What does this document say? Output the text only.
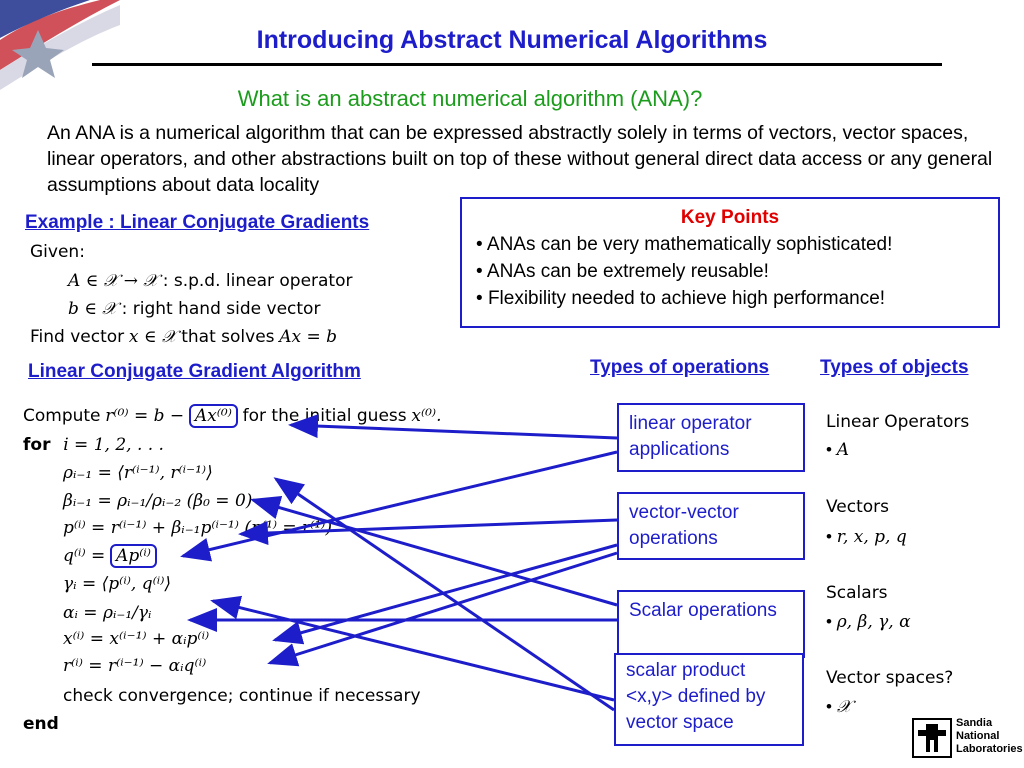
Introducing Abstract Numerical Algorithms
What is an abstract numerical algorithm (ANA)?
An ANA is a numerical algorithm that can be expressed abstractly solely in terms of vectors, vector spaces, linear operators, and other abstractions built on top of these without general direct data access or any general assumptions about data locality
Example : Linear Conjugate Gradients
Given:
A ∈ 𝒳 → 𝒳 : s.p.d. linear operator
b ∈ 𝒳 : right hand side vector
Find vector x ∈ 𝒳 that solves Ax = b
Linear Conjugate Gradient Algorithm
Compute r⁽⁰⁾ = b − Ax⁽⁰⁾ for the initial guess x⁽⁰⁾.
for i = 1, 2, . . .
ρᵢ₋₁ = ⟨r⁽ⁱ⁻¹⁾, r⁽ⁱ⁻¹⁾⟩
βᵢ₋₁ = ρᵢ₋₁/ρᵢ₋₂ (β₀ = 0)
p⁽ⁱ⁾ = r⁽ⁱ⁻¹⁾ + βᵢ₋₁p⁽ⁱ⁻¹⁾ (p⁽¹⁾ = r⁽¹⁾)
q⁽ⁱ⁾ = Ap⁽ⁱ⁾
γᵢ = ⟨p⁽ⁱ⁾, q⁽ⁱ⁾⟩
αᵢ = ρᵢ₋₁/γᵢ
x⁽ⁱ⁾ = x⁽ⁱ⁻¹⁾ + αᵢp⁽ⁱ⁾
r⁽ⁱ⁾ = r⁽ⁱ⁻¹⁾ − αᵢq⁽ⁱ⁾
check convergence; continue if necessary
end
Key Points
• ANAs can be very mathematically sophisticated!
• ANAs can be extremely reusable!
• Flexibility needed to achieve high performance!
Types of operations	Types of objects
linear operator applications
vector-vector operations
Scalar operations
scalar product <x,y> defined by vector space
Linear Operators
• A
Vectors
• r, x, p, q
Scalars
• ρ, β, γ, α
Vector spaces?
• 𝒳
Sandia
National
Laboratories
